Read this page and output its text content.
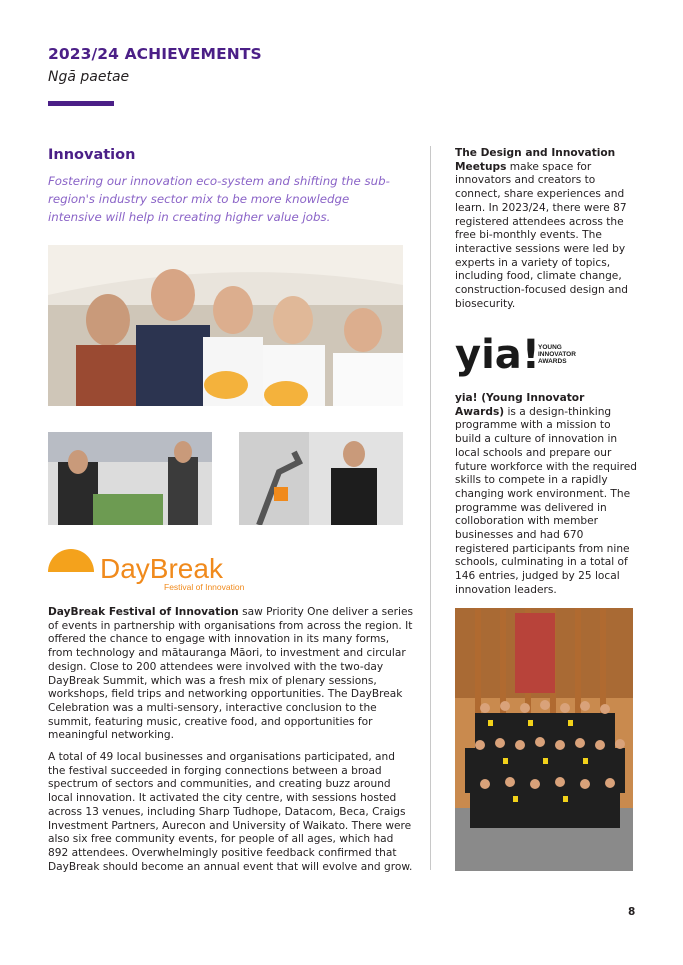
2023/24 ACHIEVEMENTS
Ngā paetae
Innovation
Fostering our innovation eco-system and shifting the sub-region's industry sector mix to be more knowledge intensive will help in creating higher value jobs.
DayBreak
Festival of Innovation
DayBreak Festival of Innovation saw Priority One deliver a series of events in partnership with organisations from across the region. It offered the chance to engage with innovation in its many forms, from technology and mātauranga Māori, to investment and circular design. Close to 200 attendees were involved with the two-day DayBreak Summit, which was a fresh mix of plenary sessions, workshops, field trips and networking opportunities. The DayBreak Celebration was a multi-sensory, interactive conclusion to the summit, featuring music, creative food, and opportunities for meaningful networking.
A total of 49 local businesses and organisations participated, and the festival succeeded in forging connections between a broad spectrum of sectors and communities, and creating buzz around local innovation. It activated the city centre, with sessions hosted across 13 venues, including Sharp Tudhope, Datacom, Beca, Craigs Investment Partners, Aurecon and University of Waikato. There were also six free community events, for people of all ages, which had 892 attendees. Overwhelmingly positive feedback confirmed that DayBreak should become an annual event that will evolve and grow.
The Design and Innovation Meetups make space for innovators and creators to connect, share experiences and learn. In 2023/24, there were 87 registered attendees across the free bi-monthly events. The interactive sessions were led by experts in a variety of topics, including food, climate change, construction-focused design and biosecurity.
yia!
YOUNG
INNOVATOR
AWARDS
yia! (Young Innovator Awards) is a design-thinking programme with a mission to build a culture of innovation in local schools and prepare our future workforce with the required skills to compete in a rapidly changing work environment. The programme was delivered in colloboration with member businesses and had 670 registered participants from nine schools, culminating in a total of 146 entries, judged by 25 local innovation leaders.
8
